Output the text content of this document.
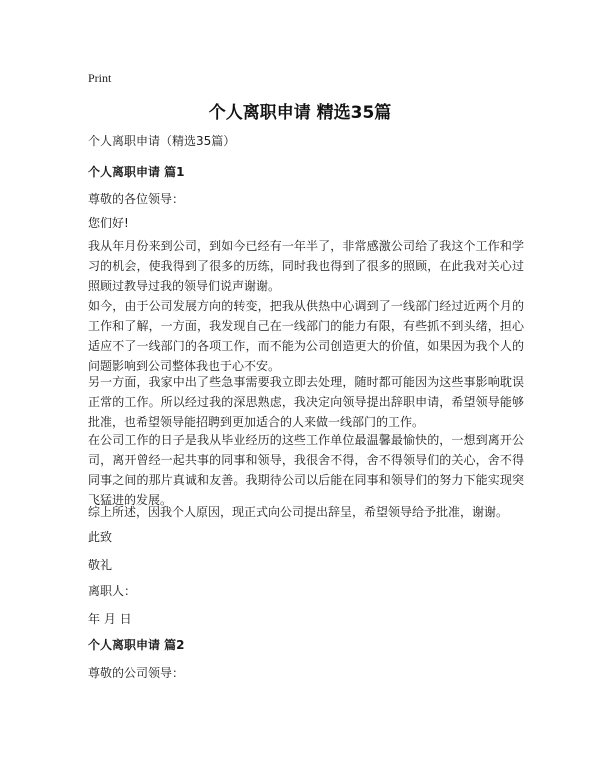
Print
个人离职申请 精选35篇
个人离职申请（精选35篇）
个人离职申请 篇1
尊敬的各位领导：
您们好!
我从年月份来到公司，到如今已经有一年半了，非常感激公司给了我这个工作和学习的机会，使我得到了很多的历练，同时我也得到了很多的照顾，在此我对关心过照顾过教导过我的领导们说声谢谢。
如今，由于公司发展方向的转变，把我从供热中心调到了一线部门经过近两个月的工作和了解，一方面，我发现自己在一线部门的能力有限，有些抓不到头绪，担心适应不了一线部门的各项工作，而不能为公司创造更大的价值，如果因为我个人的问题影响到公司整体我也于心不安。
另一方面，我家中出了些急事需要我立即去处理，随时都可能因为这些事影响耽误正常的工作。所以经过我的深思熟虑，我决定向领导提出辞职申请，希望领导能够批准，也希望领导能招聘到更加适合的人来做一线部门的工作。
在公司工作的日子是我从毕业经历的这些工作单位最温馨最愉快的，一想到离开公司，离开曾经一起共事的同事和领导，我很舍不得，舍不得领导们的关心，舍不得同事之间的那片真诚和友善。我期待公司以后能在同事和领导们的努力下能实现突飞猛进的发展。
综上所述，因我个人原因，现正式向公司提出辞呈，希望领导给予批准，谢谢。
此致
敬礼
离职人：
年 月 日
个人离职申请 篇2
尊敬的公司领导：
